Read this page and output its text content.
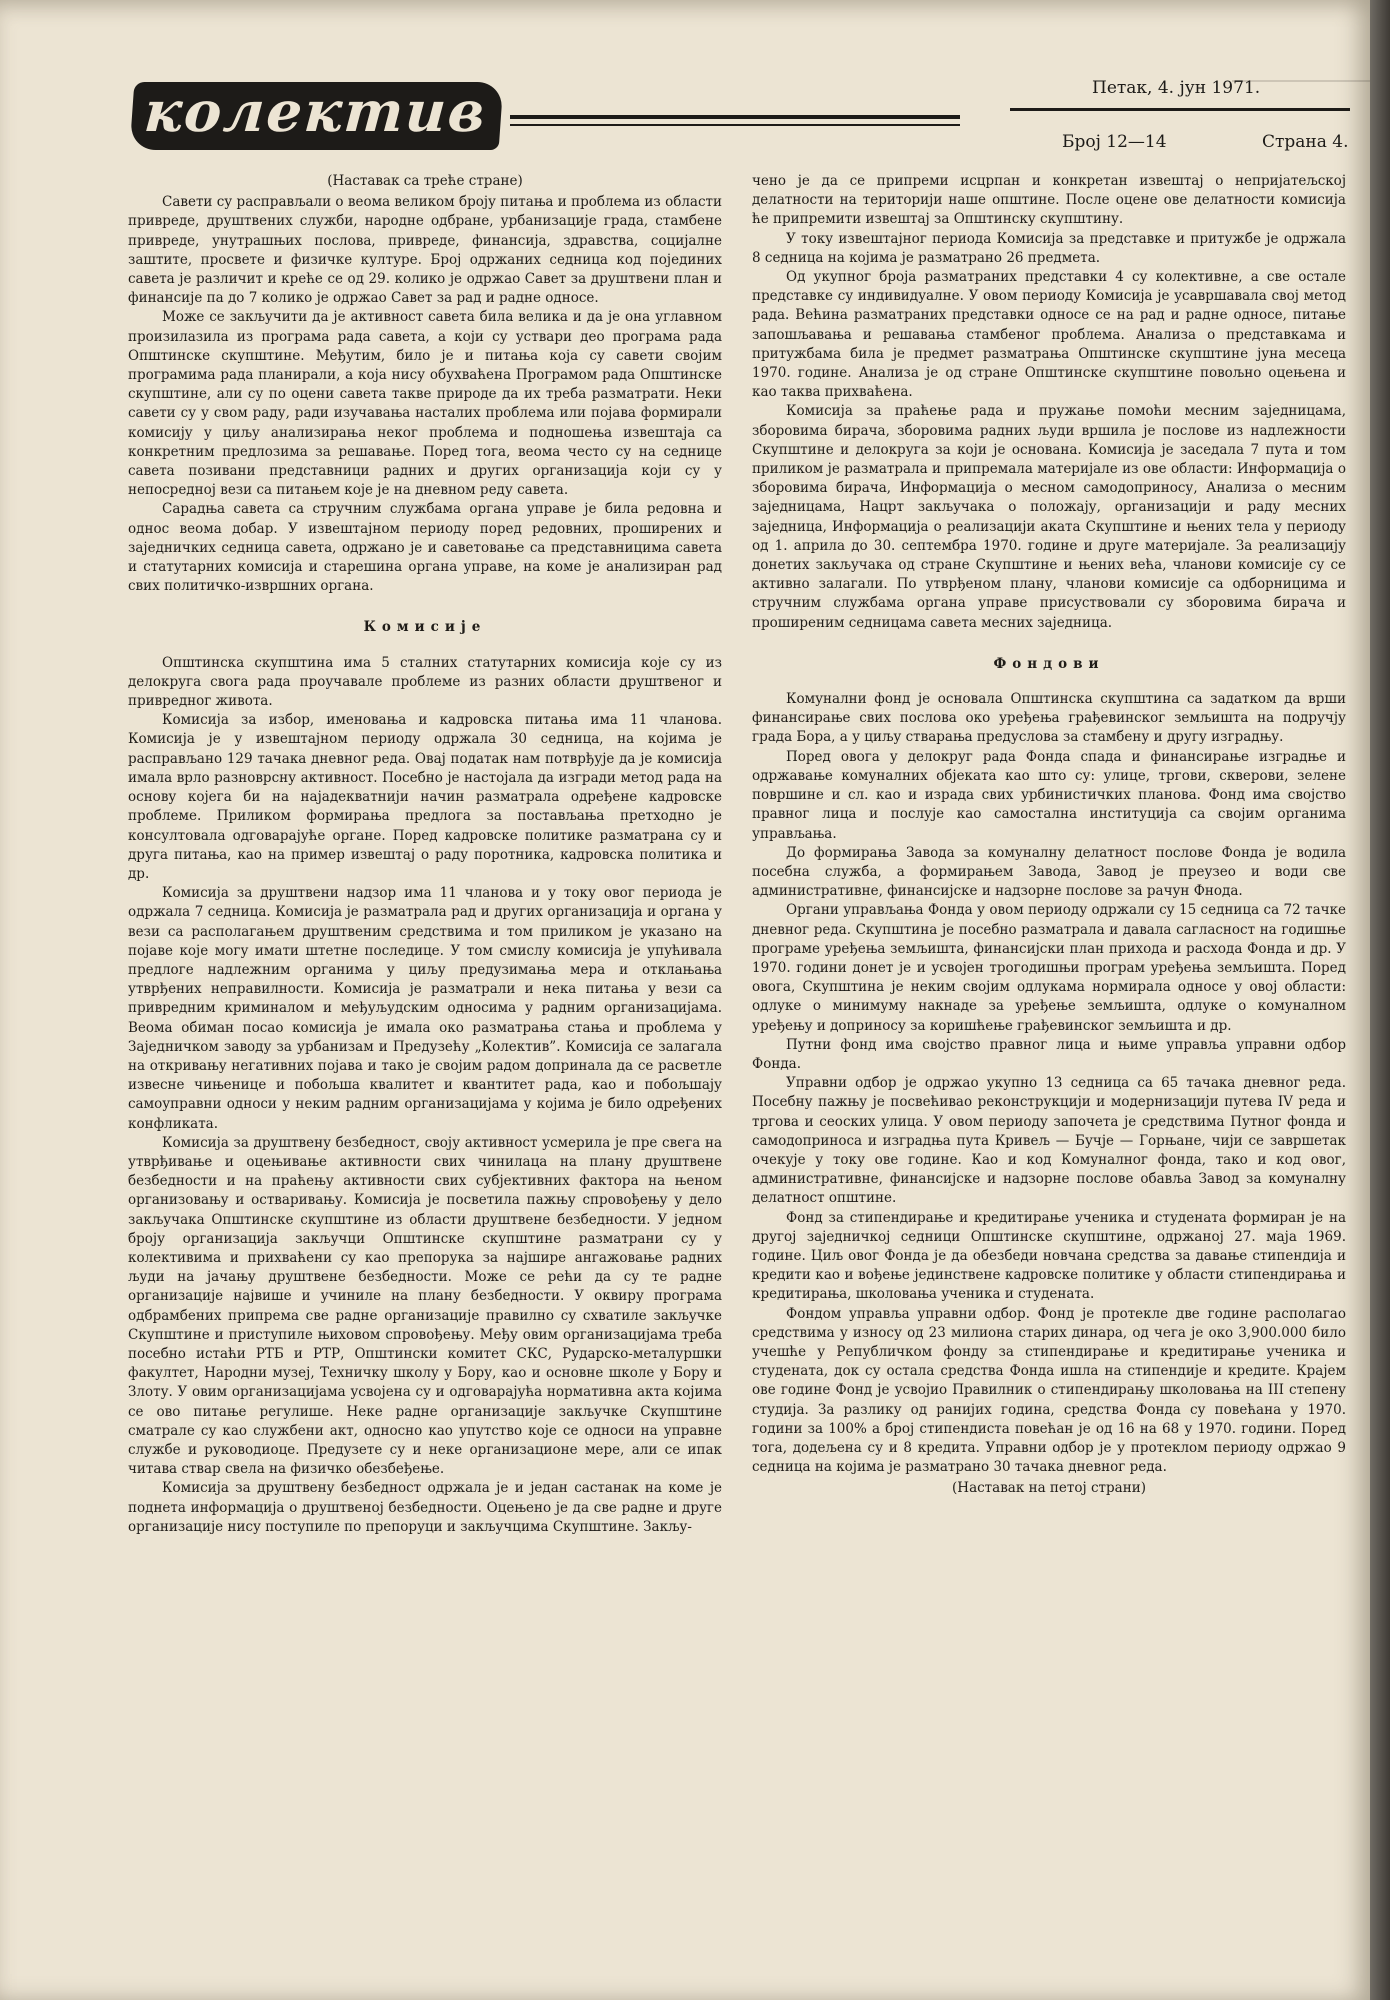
колектив	Петак, 4. јун 1971.
Број 12—14	Страна 4.

(Наставак са треће стране)

Савети су расправљали о веома великом броју питања и проблема из области привреде, друштвених служби, народне одбране, урбанизације града, стамбене привреде, унутрашњих послова, привреде, финансија, здравства, социјалне заштите, просвете и физичке културе. Број одржаних седница код појединих савета је различит и креће се од 29. колико је одржао Савет за друштвени план и финансије па до 7 колико је одржао Савет за рад и радне односе.

Може се закључити да је активност савета била велика и да је она углавном произилазила из програма рада савета, а који су уствари део програма рада Општинске скупштине. Међутим, било је и питања која су савети својим програмима рада планирали, а која нису обухваћена Програмом рада Општинске скупштине, али су по оцени савета такве природе да их треба разматрати. Неки савети су у свом раду, ради изучавања насталих проблема или појава формирали комисију у циљу анализирања неког проблема и подношења извештаја са конкретним предлозима за решавање. Поред тога, веома често су на седнице савета позивани представници радних и других организација који су у непосредној вези са питањем које је на дневном реду савета.

Сарадња савета са стручним службама органа управе је била редовна и однос веома добар. У извештајном периоду поред редовних, проширених и заједничких седница савета, одржано је и саветовање са представницима савета и статутарних комисија и старешина органа управе, на коме је анализиран рад свих политичко-извршних органа.

Комисије

Општинска скупштина има 5 сталних статутарних комисија које су из делокруга свога рада проучавале проблеме из разних области друштвеног и привредног живота.

Комисија за избор, именовања и кадровска питања има 11 чланова. Комисија је у извештајном периоду одржала 30 седница, на којима је расправљано 129 тачака дневног реда. Овај податак нам потврђује да је комисија имала врло разноврсну активност. Посебно је настојала да изгради метод рада на основу којега би на најадекватнији начин разматрала одређене кадровске проблеме. Приликом формирања предлога за постављања претходно је консултовала одговарајуће органе. Поред кадровске политике разматрана су и друга питања, као на пример извештај о раду поротника, кадровска политика и др.

Комисија за друштвени надзор има 11 чланова и у току овог периода је одржала 7 седница. Комисија је разматрала рад и других организација и органа у вези са располагањем друштвеним средствима и том приликом је указано на појаве које могу имати штетне последице. У том смислу комисија је упућивала предлоге надлежним органима у циљу предузимања мера и отклањања утврђених неправилности. Комисија је разматрали и нека питања у вези са привредним криминалом и међуљудским односима у радним организацијама. Веома обиман посао комисија је имала око разматрања стања и проблема у Заједничком заводу за урбанизам и Предузећу „Колектив”. Комисија се залагала на откривању негативних појава и тако је својим радом допринала да се расветле извесне чињенице и побољша квалитет и квантитет рада, као и побољшају самоуправни односи у неким радним организацијама у којима је било одређених конфликата.

Комисија за друштвену безбедност, своју активност усмерила је пре свега на утврђивање и оцењивање активности свих чинилаца на плану друштвене безбедности и на праћењу активности свих субјективних фактора на њеном организовању и остваривању. Комисија је посветила пажњу спровођењу у дело закључака Општинске скупштине из области друштвене безбедности. У једном броју организација закључци Општинске скупштине разматрани су у колективима и прихваћени су као препорука за најшире ангажовање радних људи на јачању друштвене безбедности. Може се рећи да су те радне организације највише и учиниле на плану безбедности. У оквиру програма одбрамбених припрема све радне организације правилно су схватиле закључке Скупштине и приступиле њиховом спровођењу. Међу овим организацијама треба посебно истаћи РТБ и РТР, Општински комитет СКС, Рударско-металуршки факултет, Народни музеј, Техничку школу у Бору, као и основне школе у Бору и Злоту. У овим организацијама усвојена су и одговарајућа нормативна акта којима се ово питање регулише. Неке радне организације закључке Скупштине сматрале су као службени акт, односно као упутство које се односи на управне службе и руководиоце. Предузете су и неке организационе мере, али се ипак читава ствар свела на физичко обезбеђење.

Комисија за друштвену безбедност одржала је и један састанак на коме је поднета информација о друштвеној безбедности. Оцењено је да све радне и друге организације нису поступиле по препоруци и закључцима Скупштине. Закљу-

чено је да се припреми исцрпан и конкретан извештај о непријатељској делатности на територији наше општине. После оцене ове делатности комисија ће припремити извештај за Општинску скупштину.

У току извештајног периода Комисија за представке и притужбе је одржала 8 седница на којима је разматрано 26 предмета.

Од укупног броја разматраних представки 4 су колективне, а све остале представке су индивидуалне. У овом периоду Комисија је усавршавала свој метод рада. Већина разматраних представки односе се на рад и радне односе, питање запошљавања и решавања стамбеног проблема. Анализа о представкама и притужбама била је предмет разматрања Општинске скупштине јуна месеца 1970. године. Анализа је од стране Општинске скупштине повољно оцењена и као таква прихваћена.

Комисија за праћење рада и пружање помоћи месним заједницама, зборовима бирача, зборовима радних људи вршила је послове из надлежности Скупштине и делокруга за који је основана. Комисија је заседала 7 пута и том приликом је разматрала и припремала материјале из ове области: Информација о зборовима бирача, Информација о месном самодоприносу, Анализа о месним заједницама, Нацрт закључака о положају, организацији и раду месних заједница, Информација о реализацији аката Скупштине и њених тела у периоду од 1. априла до 30. септембра 1970. године и друге материјале. За реализацију донетих закључака од стране Скупштине и њених већа, чланови комисије су се активно залагали. По утврђеном плану, чланови комисије са одборницима и стручним службама органа управе присуствовали су зборовима бирача и проширеним седницама савета месних заједница.

Фондови

Комунални фонд је основала Општинска скупштина са задатком да врши финансирање свих послова око уређења грађевинског земљишта на подручју града Бора, а у циљу стварања предуслова за стамбену и другу изградњу.

Поред овога у делокруг рада Фонда спада и финансирање изградње и одржавање комуналних објеката као што су: улице, тргови, скверови, зелене површине и сл. као и израда свих урбинистичких планова. Фонд има својство правног лица и послује као самостална институција са својим органима управљања.

До формирања Завода за комуналну делатност послове Фонда је водила посебна служба, а формирањем Завода, Завод је преузео и води све административне, финансијске и надзорне послове за рачун Фнода.

Органи управљања Фонда у овом периоду одржали су 15 седница са 72 тачке дневног реда. Скупштина је посебно разматрала и давала сагласност на годишње програме уређења земљишта, финансијски план прихода и расхода Фонда и др. У 1970. години донет је и усвојен трогодишњи програм уређења земљишта. Поред овога, Скупштина је неким својим одлукама нормирала односе у овој области: одлуке о минимуму накнаде за уређење земљишта, одлуке о комуналном уређењу и доприносу за коришћење грађевинског земљишта и др.

Путни фонд има својство правног лица и њиме управља управни одбор Фонда.

Управни одбор је одржао укупно 13 седница са 65 тачака дневног реда. Посебну пажњу је посвећивао реконструкцији и модернизацији путева IV реда и тргова и сеоских улица. У овом периоду започета је средствима Путног фонда и самодоприноса и изградња пута Кривељ — Бучје — Горњане, чији се завршетак очекује у току ове године. Као и код Комуналног фонда, тако и код овог, административне, финансијске и надзорне послове обавља Завод за комуналну делатност општине.

Фонд за стипендирање и кредитирање ученика и студената формиран је на другој заједничкој седници Општинске скупштине, одржаној 27. маја 1969. године. Циљ овог Фонда је да обезбеди новчана средства за давање стипендија и кредити као и вођење јединствене кадровске политике у области стипендирања и кредитирања, школовања ученика и студената.

Фондом управља управни одбор. Фонд је протекле две године располагао средствима у износу од 23 милиона старих динара, од чега је око 3,900.000 било учешће у Републичком фонду за стипендирање и кредитирање ученика и студената, док су остала средства Фонда ишла на стипендије и кредите. Крајем ове године Фонд је усвојио Правилник о стипендирању школовања на III степену студија. За разлику од ранијих година, средства Фонда су повећана у 1970. години за 100% а број стипендиста повећан је од 16 на 68 у 1970. години. Поред тога, додељена су и 8 кредита. Управни одбор је у протеклом периоду одржао 9 седница на којима је разматрано 30 тачака дневног реда.

(Наставак на петој страни)
